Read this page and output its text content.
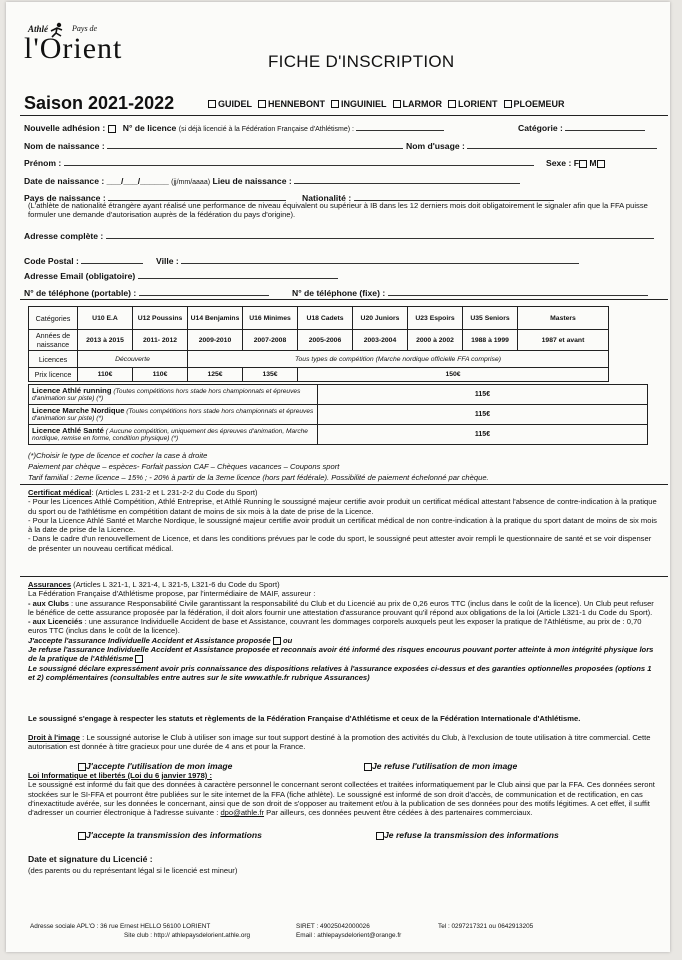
Athlé	Pays de
l'Orient	FICHE D'INSCRIPTION
Saison 2021-2022	GUIDEL HENNEBONT INGUINIEL LARMOR LORIENT PLOEMEUR
Nouvelle adhésion : N° de licence (si déjà licencié à la Fédération Française d'Athlétisme) :	Catégorie :
Nom de naissance :	Nom d'usage :
Prénom :	Sexe : F M
Date de naissance : ___/___/______ (jj/mm/aaaa) Lieu de naissance :
Pays de naissance :	Nationalité :
(L'athlète de nationalité étrangère ayant réalisé une performance de niveau équivalent ou supérieur à IB dans les 12 derniers mois doit obligatoirement le signaler afin que la FFA puisse formuler une demande d'autorisation auprès de la fédération du pays d'origine).
Adresse complète :
Code Postal :	Ville :
Adresse Email (obligatoire)
N° de téléphone (portable) :	N° de téléphone (fixe) :
Catégories	U10 E.A	U12 Poussins	U14 Benjamins	U16 Minimes	U18 Cadets	U20 Juniors	U23 Espoirs	U35 Seniors	Masters
Années de naissance	2013 à 2015	2011- 2012	2009-2010	2007-2008	2005-2006	2003-2004	2000 à 2002	1988 à 1999	1987 et avant
Licences	Découverte		Tous types de compétition (Marche nordique officielle FFA comprise)						
Prix licence	110€	110€	125€	135€	150€				
Licence Athlé running (Toutes compétitions hors stade hors championnats et épreuves d'animation sur piste) (*)	115€
Licence Marche Nordique (Toutes compétitions hors stade hors championnats et épreuves d'animation sur piste) (*)	115€
Licence Athlé Santé ( Aucune compétition, uniquement des épreuves d'animation, Marche nordique, remise en forme, condition physique) (*)	115€
(*)Choisir le type de licence et cocher la case à droite
Paiement par chèque – espèces- Forfait passion CAF – Chèques vacances – Coupons sport
Tarif familial : 2eme licence – 15% ; - 20% à partir de la 3eme licence (hors part fédérale). Possibilité de paiement échelonné par chèque.
Certificat médical: (Articles L 231-2 et L 231-2-2 du Code du Sport)
- Pour les Licences Athlé Compétition, Athlé Entreprise, et Athlé Running le soussigné majeur certifie avoir produit un certificat médical attestant l'absence de contre-indication à la pratique du sport ou de l'athlétisme en compétition datant de moins de six mois à la date de prise de la Licence.
- Pour la Licence Athlé Santé et Marche Nordique, le soussigné majeur certifie avoir produit un certificat médical de non contre-indication à la pratique du sport datant de moins de six mois à la date de prise de la Licence.
- Dans le cadre d'un renouvellement de Licence, et dans les conditions prévues par le code du sport, le soussigné peut attester avoir rempli le questionnaire de santé et se voir dispenser de présenter un nouveau certificat médical.
Assurances (Articles L 321-1, L 321-4, L 321-5, L321-6 du Code du Sport)
La Fédération Française d'Athlétisme propose, par l'intermédiaire de MAIF, assureur :
- aux Clubs : une assurance Responsabilité Civile garantissant la responsabilité du Club et du Licencié au prix de 0,26 euros TTC (inclus dans le coût de la licence). Un Club peut refuser le bénéfice de cette assurance proposée par la fédération, il doit alors fournir une attestation d'assurance prouvant qu'il répond aux obligations de la loi (Article L321-1 du Code du Sport).
- aux Licenciés : une assurance Individuelle Accident de base et Assistance, couvrant les dommages corporels auxquels peut les exposer la pratique de l'Athlétisme, au prix de : 0,70 euros TTC (inclus dans le coût de la licence).
J'accepte l'assurance Individuelle Accident et Assistance proposée ou
Je refuse l'assurance Individuelle Accident et Assistance proposée et reconnais avoir été informé des risques encourus pouvant porter atteinte à mon intégrité physique lors de la pratique de l'Athlétisme
Le soussigné déclare expressément avoir pris connaissance des dispositions relatives à l'assurance exposées ci-dessus et des garanties optionnelles proposées (options 1 et 2) complémentaires (consultables entre autres sur le site www.athle.fr rubrique Assurances)
Le soussigné s'engage à respecter les statuts et règlements de la Fédération Française d'Athlétisme et ceux de la Fédération Internationale d'Athlétisme.
Droit à l'image : Le soussigné autorise le Club à utiliser son image sur tout support destiné à la promotion des activités du Club, à l'exclusion de toute utilisation à titre commercial. Cette autorisation est donnée à titre gracieux pour une durée de 4 ans et pour la France.
J'accepte l'utilisation de mon image	Je refuse l'utilisation de mon image
Loi Informatique et libertés (Loi du 6 janvier 1978) :
Le soussigné est informé du fait que des données à caractère personnel le concernant seront collectées et traitées informatiquement par le Club ainsi que par la FFA. Ces données seront stockées sur le SI-FFA et pourront être publiées sur le site internet de la FFA (fiche athlète). Le soussigné est informé de son droit d'accès, de communication et de rectification, en cas d'inexactitude avérée, sur les données le concernant, ainsi que de son droit de s'opposer au traitement et/ou à la publication de ses données pour des motifs légitimes. A cet effet, il suffit d'adresser un courrier électronique à l'adresse suivante : dpo@athle.fr Par ailleurs, ces données peuvent être cédées à des partenaires commerciaux.
J'accepte la transmission des informations	Je refuse la transmission des informations
Date et signature du Licencié :
(des parents ou du représentant légal si le licencié est mineur)
Adresse sociale APL'O : 36 rue Ernest HELLO 56100 LORIENT	SIRET : 49025042000026	Tel : 0297217321 ou 0642913205
Site club : http:// athlepaysdelorient.athle.org	Email : athlepaysdelorient@orange.fr
